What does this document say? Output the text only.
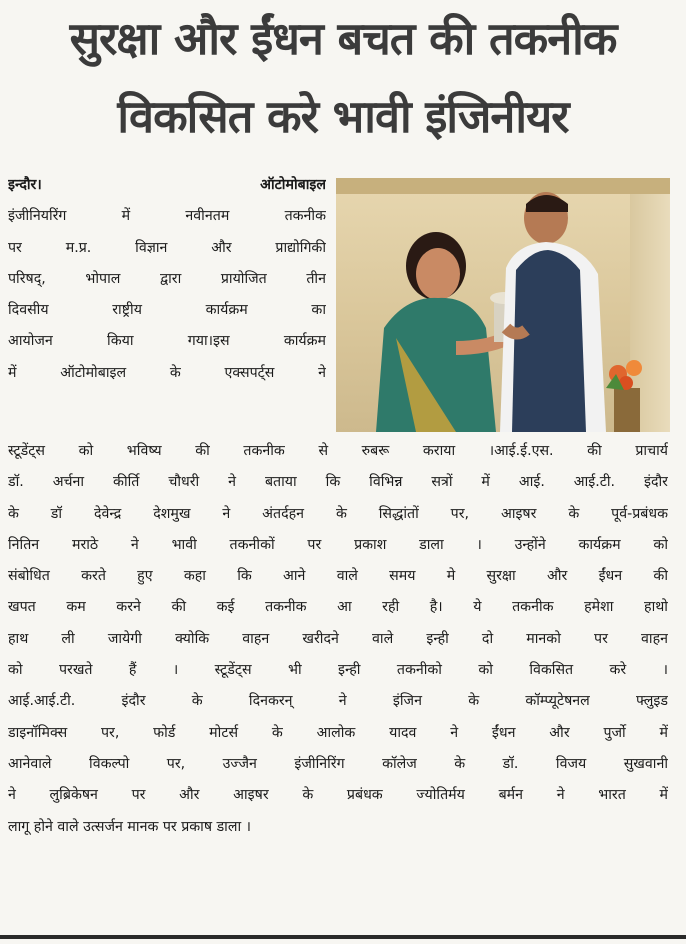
सुरक्षा और ईंधन बचत की तकनीक
विकसित करे भावी इंजिनीयर
इन्दौर। ऑटोमोबाइल
इंजीनियरिंग में नवीनतम तकनीक
पर म.प्र. विज्ञान और प्राद्योगिकी
परिषद्, भोपाल द्वारा प्रायोजित तीन
दिवसीय राष्ट्रीय कार्यक्रम का
आयोजन किया गया।इस कार्यक्रम
में ऑटोमोबाइल के एक्सपर्ट्स ने
स्टूडेंट्स को भविष्य की तकनीक से रुबरू कराया ।आई.ई.एस. की प्राचार्य
डॉ. अर्चना कीर्ति चौधरी ने बताया कि विभिन्न सत्रों में आई. आई.टी. इंदौर
के डॉ देवेन्द्र देशमुख ने अंतर्दहन के सिद्धांतों पर, आइषर के पूर्व-प्रबंधक
नितिन मराठे ने भावी तकनीकों पर प्रकाश डाला । उन्होंने कार्यक्रम को
संबोधित करते हुए कहा कि आने वाले समय मे सुरक्षा और ईंधन की
खपत कम करने की कई तकनीक आ रही है। ये तकनीक हमेशा हाथो
हाथ ली जायेगी क्योकि वाहन खरीदने वाले इन्ही दो मानको पर वाहन
को परखते हैं । स्टूडेंट्स भी इन्ही तकनीको को विकसित करे ।
आई.आई.टी. इंदौर के दिनकरन् ने इंजिन के कॉम्प्यूटेषनल फ्लुइड
डाइनॉमिक्स पर, फोर्ड मोटर्स के आलोक यादव ने ईंधन और पुर्जो में
आनेवाले विकल्पो पर, उज्जैन इंजीनिरिंग कॉलेज के डॉ. विजय सुखवानी
ने लुब्रिकेषन पर और आइषर के प्रबंधक ज्योतिर्मय बर्मन ने भारत में
लागू होने वाले उत्सर्जन मानक पर प्रकाष डाला ।
